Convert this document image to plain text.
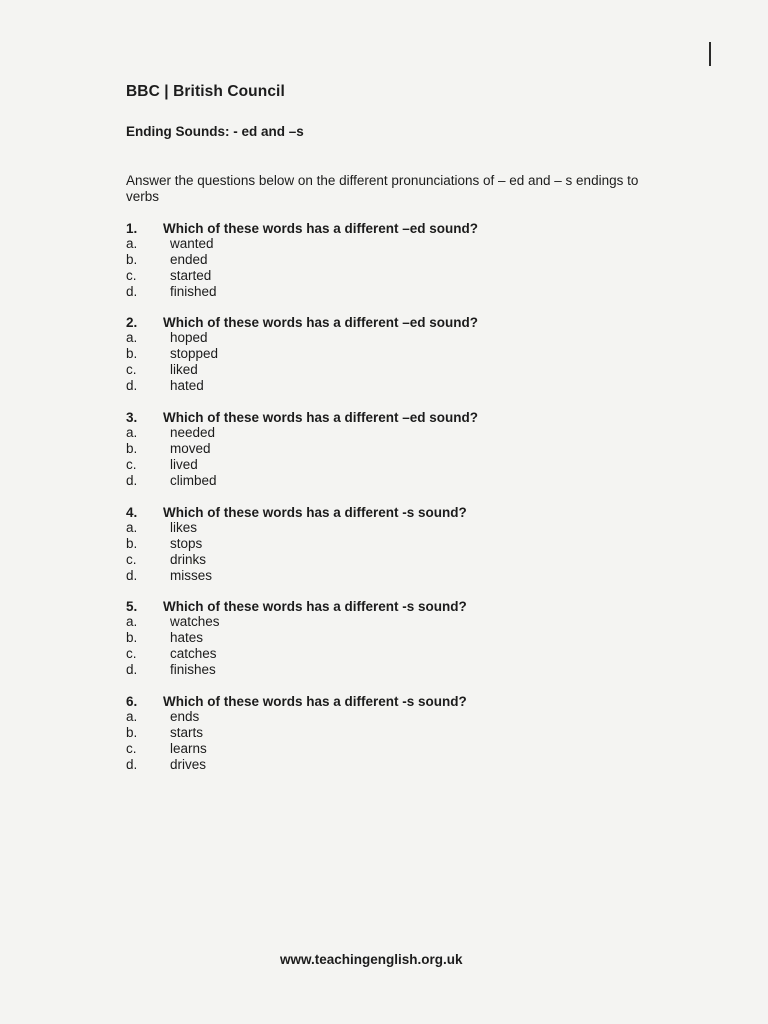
BBC | British Council
Ending Sounds: - ed and –s
Answer the questions below on the different pronunciations of – ed and – s endings to verbs
1.	Which of these words has a different –ed sound?
a.	wanted
b.	ended
c.	started
d.	finished
2.	Which of these words has a different –ed sound?
a.	hoped
b.	stopped
c.	liked
d.	hated
3.	Which of these words has a different –ed sound?
a.	needed
b.	moved
c.	lived
d.	climbed
4.	Which of these words has a different -s sound?
a.	likes
b.	stops
c.	drinks
d.	misses
5.	Which of these words has a different -s sound?
a.	watches
b.	hates
c.	catches
d.	finishes
6.	Which of these words has a different -s sound?
a.	ends
b.	starts
c.	learns
d.	drives
www.teachingenglish.org.uk
